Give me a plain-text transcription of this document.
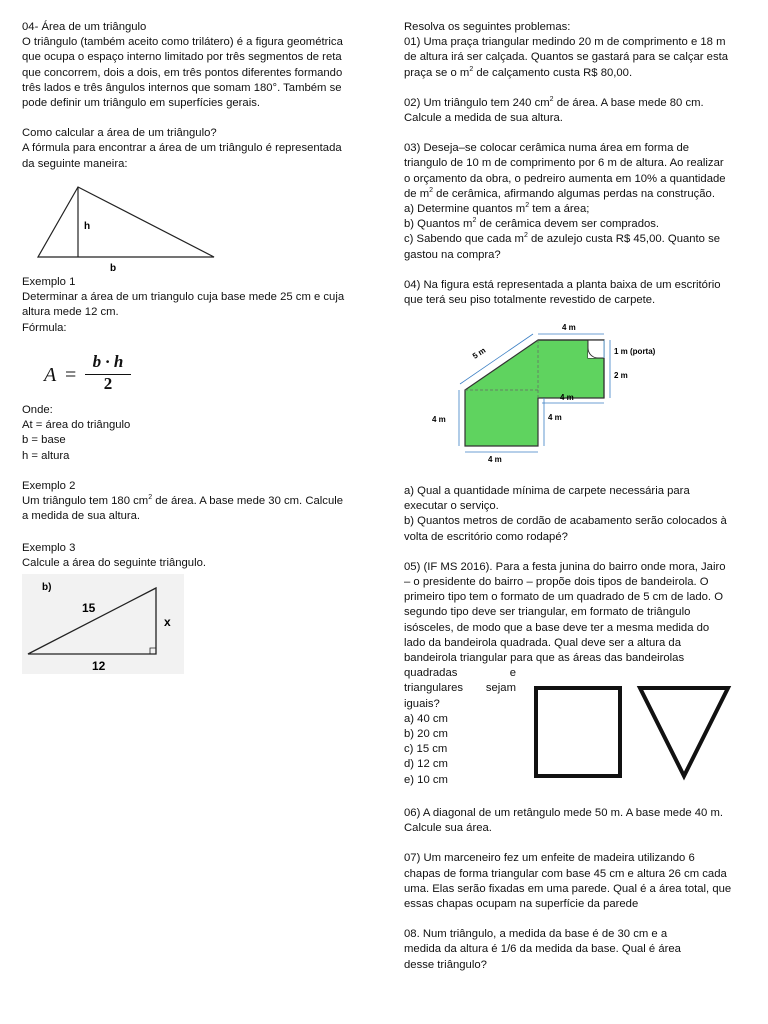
04- Área de um triângulo

O triângulo (também aceito como trilátero) é a figura geométrica

que ocupa o espaço interno limitado por três segmentos de reta

que concorrem, dois a dois, em três pontos diferentes formando

três lados e três ângulos internos que somam 180°. Também se

pode definir um triângulo em superfícies gerais.

Como calcular a área de um triângulo?

A fórmula para encontrar a área de um triângulo é representada

da seguinte maneira:

h
b

Exemplo 1

Determinar a área de um triangulo cuja base mede 25 cm e cuja

altura mede 12 cm.

Fórmula:

A =
b · h
2

Onde:

At = área do triângulo

b = base

h = altura

Exemplo 2

Um triângulo tem 180 $cm^2$ de área. A base mede 30 cm. Calcule

a medida de sua altura.

Exemplo 3

Calcule a área do seguinte triângulo.

b)
15
x
12

Resolva os seguintes problemas:

01) Uma praça triangular medindo 20 m de comprimento e 18 m

de altura irá ser calçada. Quantos se gastará para se calçar esta

praça se o $m^2$ de calçamento custa R$ 80,00.

02) Um triângulo tem 240 $cm^2$ de área. A base mede 80 cm.

Calcule a medida de sua altura.

03) Deseja–se colocar cerâmica numa área em forma de

triangulo de 10 m de comprimento por 6 m de altura. Ao realizar

o orçamento da obra, o pedreiro aumenta em 10% a quantidade

de $m^2$ de cerâmica, afirmando algumas perdas na construção.

a) Determine quantos $m^2$ tem a área;

b) Quantos $m^2$ de cerâmica devem ser comprados.

c) Sabendo que cada $m^2$ de azulejo custa R$ 45,00. Quanto se

gastou na compra?

04) Na figura está representada a planta baixa de um escritório

que terá seu piso totalmente revestido de carpete.

4 m
5 m	1 m (porta)
2 m
4 m
4 m
4 m
4 m

a) Qual a quantidade mínima de carpete necessária para

executar o serviço.

b) Quantos metros de cordão de acabamento serão colocados à

volta de escritório como rodapé?

05) (IF MS 2016). Para a festa junina do bairro onde mora, Jairo

– o presidente do bairro – propõe dois tipos de bandeirola. O

primeiro tipo tem o formato de um quadrado de 5 cm de lado. O

segundo tipo deve ser triangular, em formato de triângulo

isósceles, de modo que a base deve ter a mesma medida do

lado da bandeirola quadrada. Qual deve ser a altura da

bandeirola triangular para que as áreas das bandeirolas

quadradas	e

triangulares sejam

iguais?

a) 40 cm

b) 20 cm

c) 15 cm

d) 12 cm

e) 10 cm

06) A diagonal de um retângulo mede 50 m. A base mede 40 m.

Calcule sua área.

07) Um marceneiro fez um enfeite de madeira utilizando 6

chapas de forma triangular com base 45 cm e altura 26 cm cada

uma. Elas serão fixadas em uma parede. Qual é a área total, que

essas chapas ocupam na superfície da parede

08. Num triângulo, a medida da base é de 30 cm e a

medida da altura é 1/6 da medida da base. Qual é área

desse triângulo?
